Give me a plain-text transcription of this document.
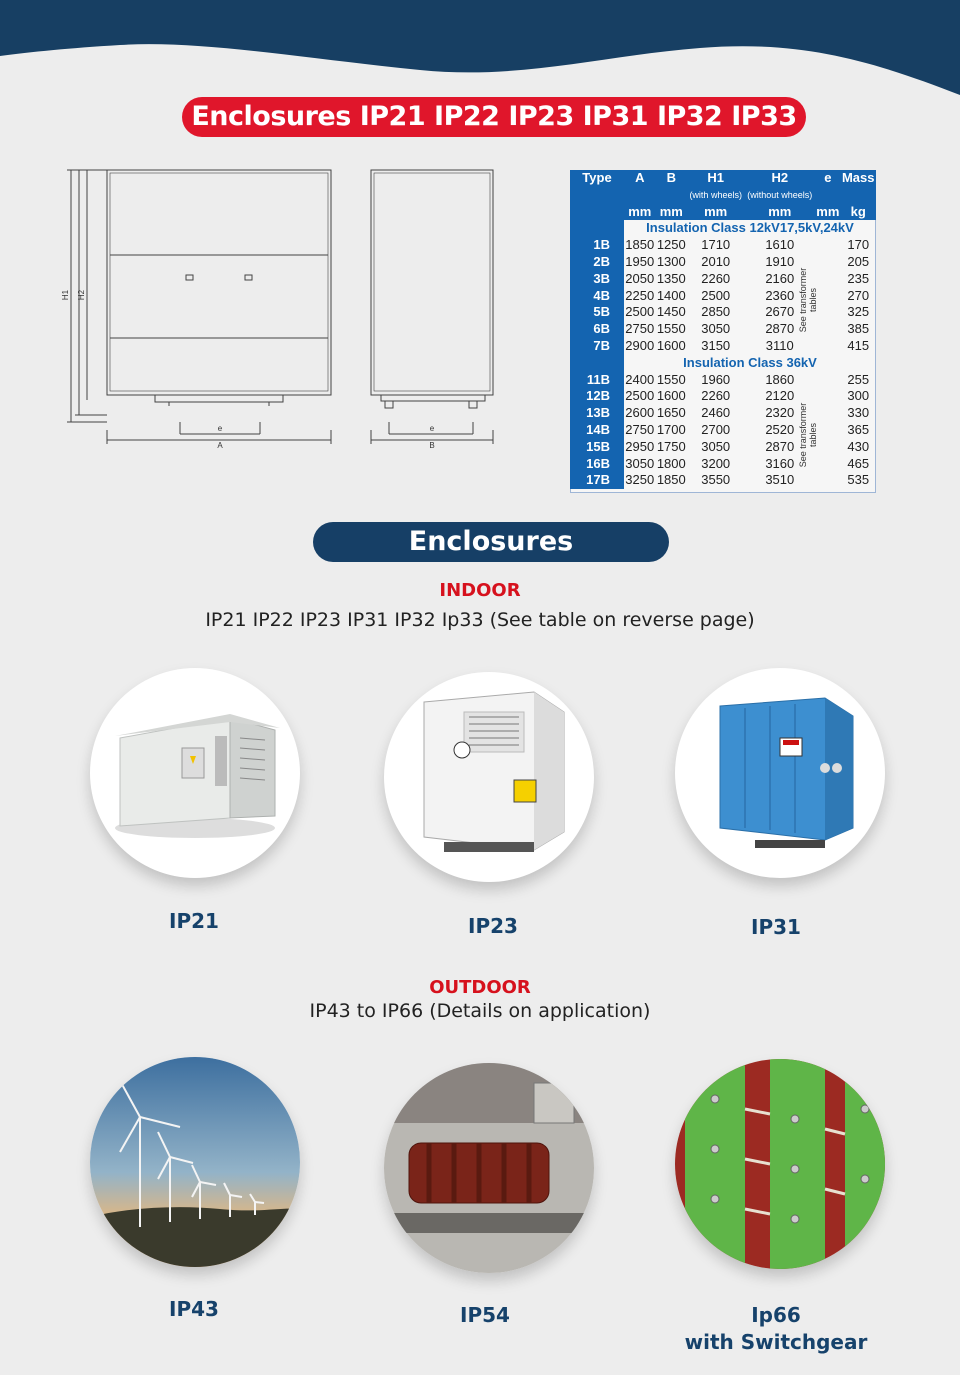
Enclosures IP21 IP22 IP23 IP31 IP32 IP33
e
A
e
B
H1 H2
Type	A	B	H1	H2	e	Mass
			(with wheels)	(without wheels)		
	mm	mm	mm	mm	mm	kg
	Insulation Class 12kV17,5kV,24kV					
1B	1850	1250	1710	1610		170
2B	1950	1300	2010	1910		205
3B	2050	1350	2260	2160		235
4B	2250	1400	2500	2360		270
5B	2500	1450	2850	2670		325
6B	2750	1550	3050	2870		385
7B	2900	1600	3150	3110		415
	Insulation Class 36kV					
11B	2400	1550	1960	1860		255
12B	2500	1600	2260	2120		300
13B	2600	1650	2460	2320		330
14B	2750	1700	2700	2520		365
15B	2950	1750	3050	2870		430
16B	3050	1800	3200	3160		465
17B	3250	1850	3550	3510		535
See transformer tables
See transformer tables
Enclosures
INDOOR
IP21 IP22 IP23 IP31 IP32 Ip33 (See table on reverse page)
IP21	IP23	IP31
OUTDOOR
IP43 to IP66 (Details on application)
IP43	IP54	Ip66
with Switchgear
